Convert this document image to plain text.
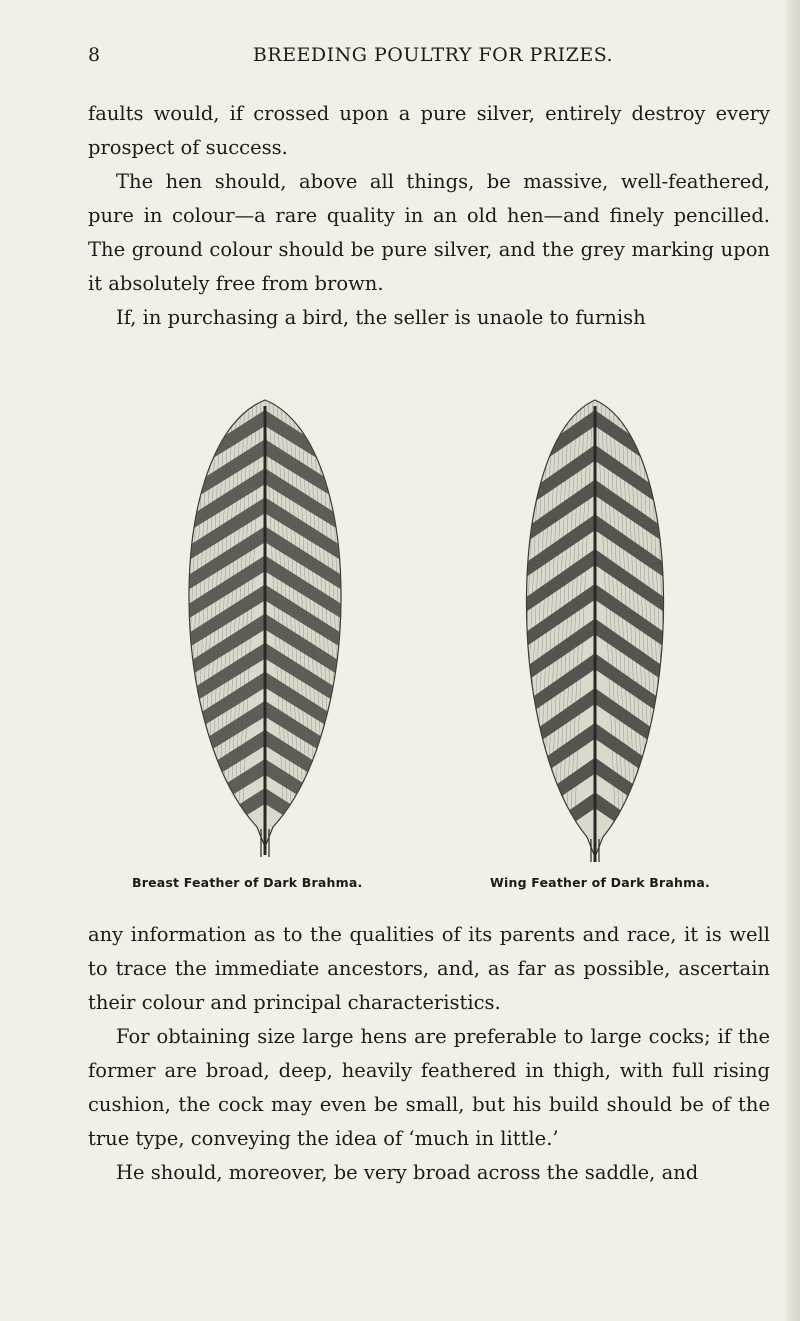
8	BREEDING POULTRY FOR PRIZES.

faults would, if crossed upon a pure silver, entirely destroy every prospect of success.

The hen should, above all things, be massive, well-feathered, pure in colour—a rare quality in an old hen—and finely pencilled. The ground colour should be pure silver, and the grey marking upon it absolutely free from brown.

If, in purchasing a bird, the seller is unaole to furnish

Breast Feather of Dark Brahma.	Wing Feather of Dark Brahma.

any information as to the qualities of its parents and race, it is well to trace the immediate ancestors, and, as far as possible, ascertain their colour and principal characteristics.

For obtaining size large hens are preferable to large cocks; if the former are broad, deep, heavily feathered in thigh, with full rising cushion, the cock may even be small, but his build should be of the true type, conveying the idea of ‘much in little.’

He should, moreover, be very broad across the saddle, and
